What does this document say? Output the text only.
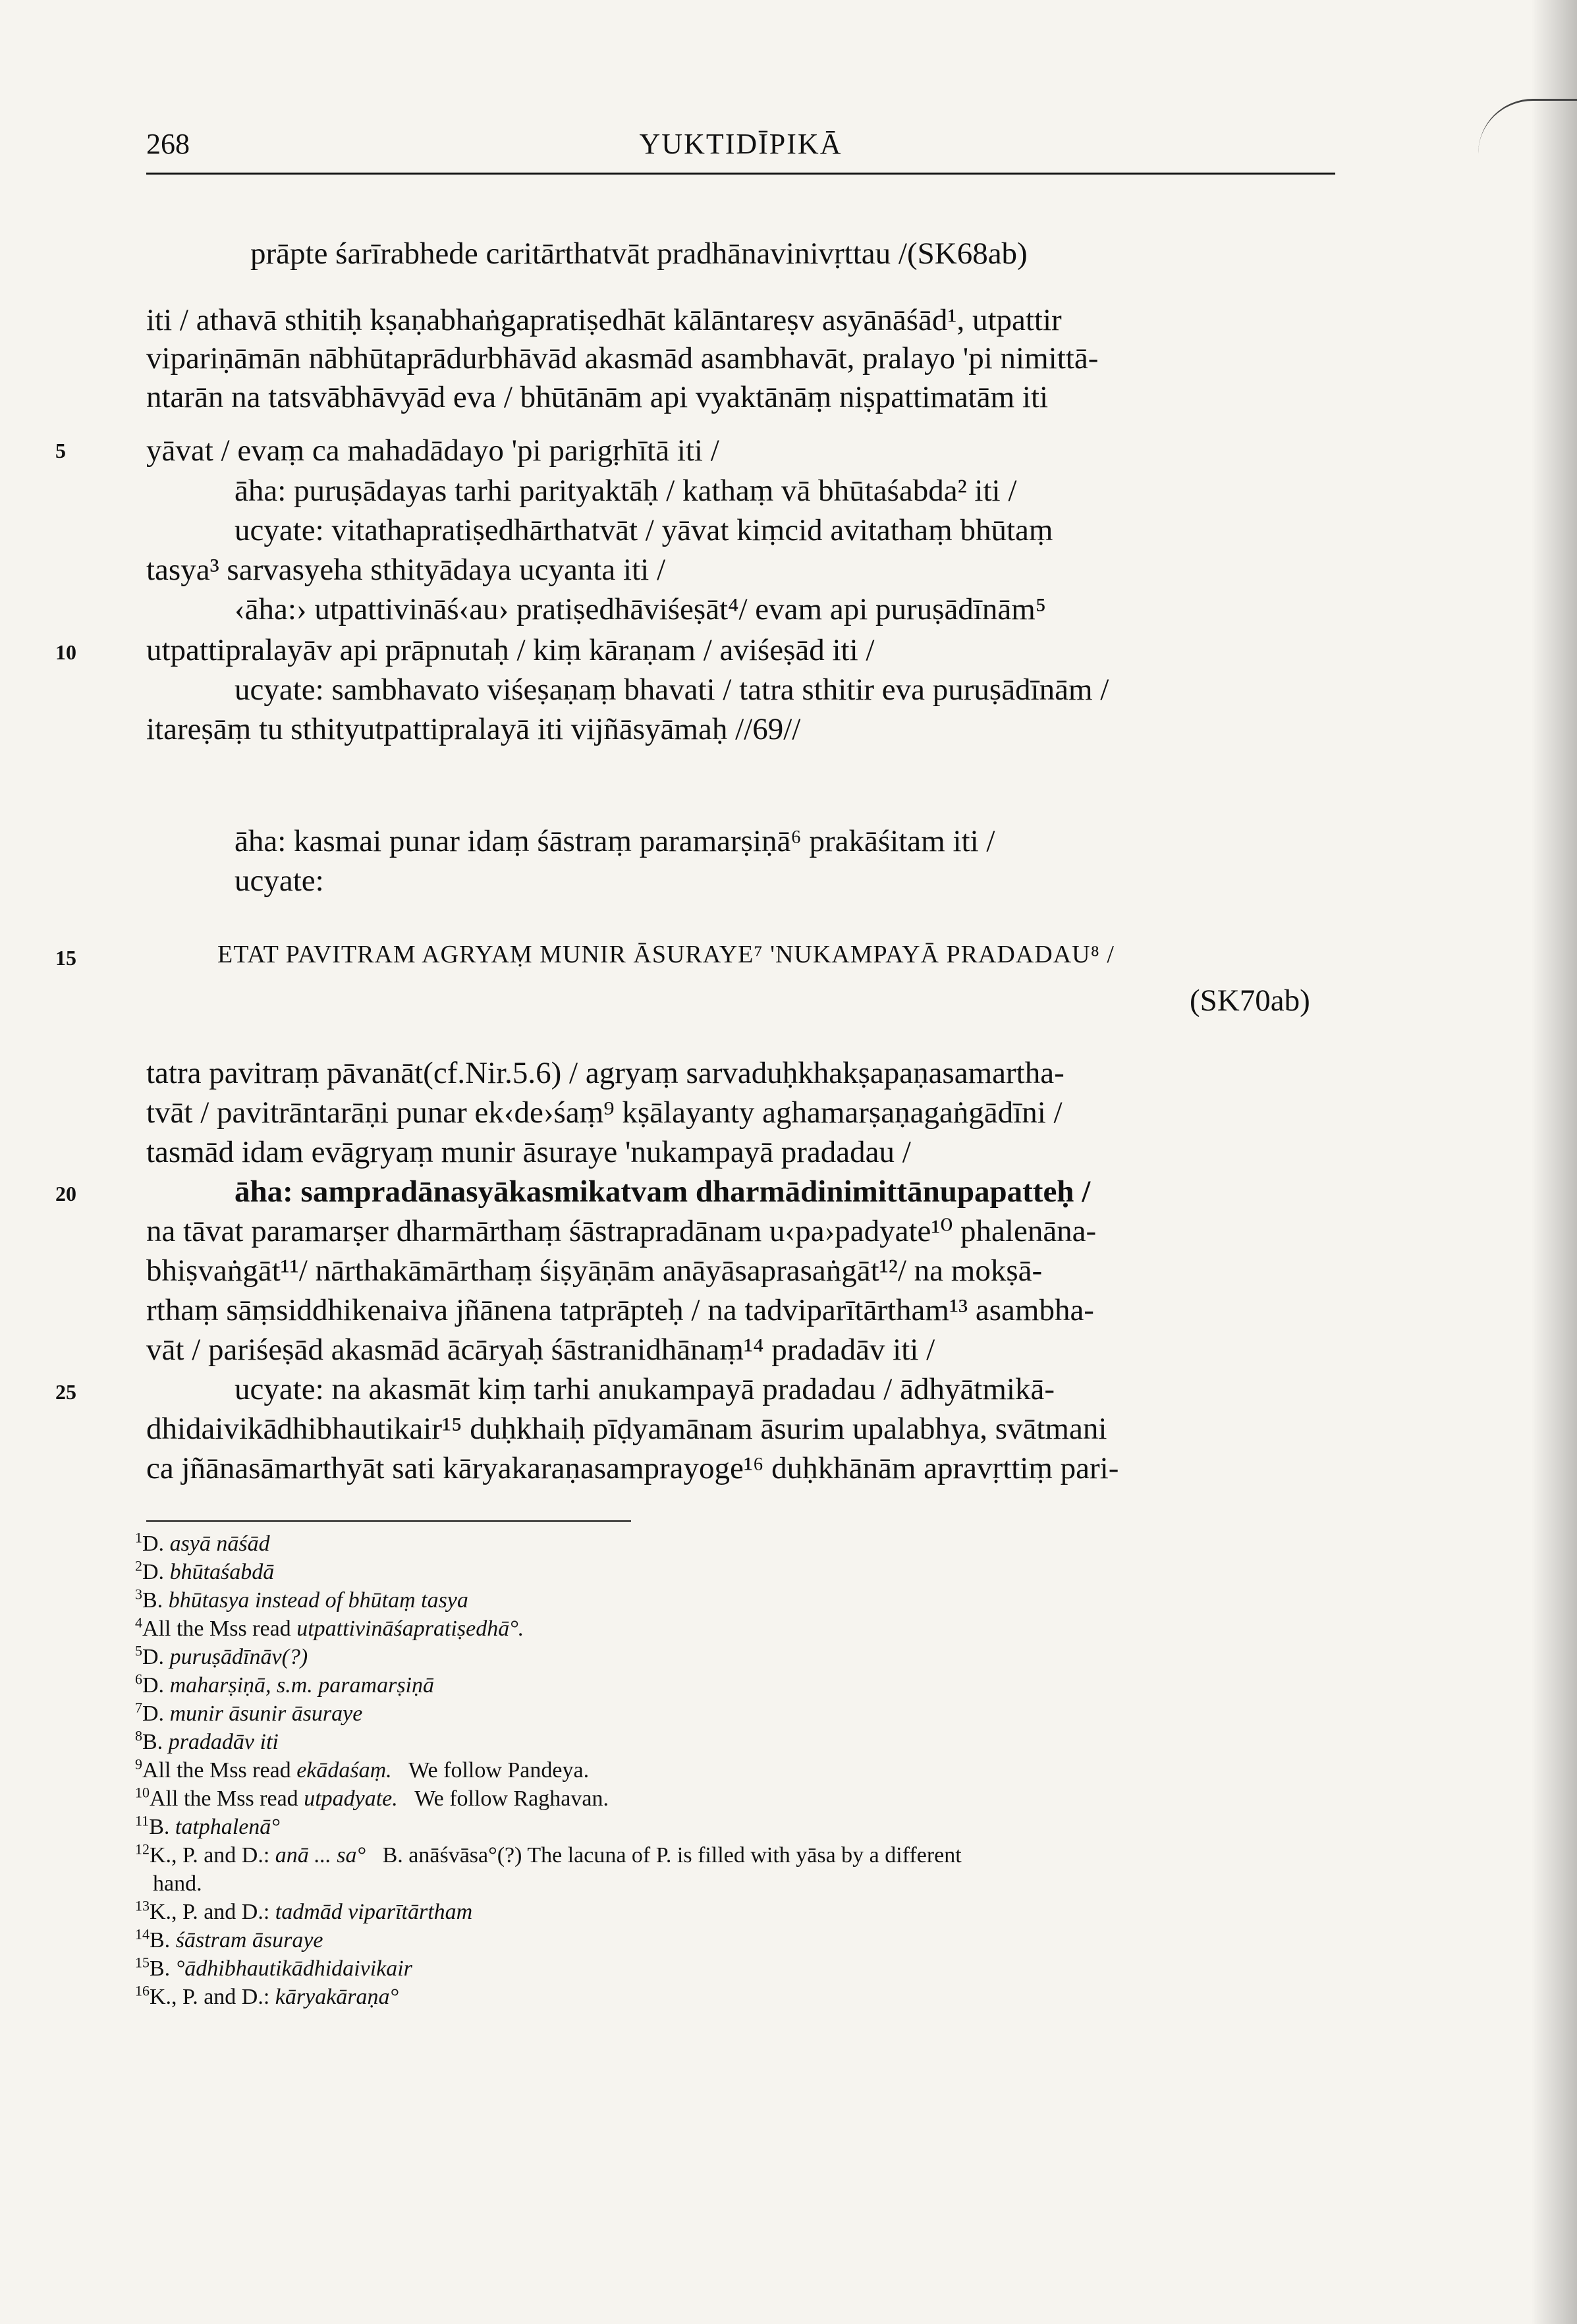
268	YUKTIDĪPIKĀ
prāpte śarīrabhede caritārthatvāt pradhānavinivṛttau /(SK68ab)
iti / athavā sthitiḥ kṣaṇabhaṅgapratiṣedhāt kālāntareṣv asyānāśād¹, utpattir
vipariṇāmān nābhūtaprādurbhāvād akasmād asambhavāt, pralayo 'pi nimittā-
ntarān na tatsvābhāvyād eva / bhūtānām api vyaktānāṃ niṣpattimatām iti
5	yāvat / evaṃ ca mahadādayo 'pi parigṛhītā iti /
āha: puruṣādayas tarhi parityaktāḥ / kathaṃ vā bhūtaśabda² iti /
ucyate: vitathapratiṣedhārthatvāt / yāvat kiṃcid avitathaṃ bhūtaṃ
tasya³ sarvasyeha sthityādaya ucyanta iti /
‹āha:› utpattivināś‹au› pratiṣedhāviśeṣāt⁴/ evam api puruṣādīnām⁵
10 utpattipralayāv api prāpnutaḥ / kiṃ kāraṇam / aviśeṣād iti /
ucyate: sambhavato viśeṣaṇaṃ bhavati / tatra sthitir eva puruṣādīnām /
itareṣāṃ tu sthityutpattipralayā iti vijñāsyāmaḥ //69//
āha: kasmai punar idaṃ śāstraṃ paramarṣiṇā⁶ prakāśitam iti /
ucyate:
15	ETAT PAVITRAM AGRYAṂ MUNIR ĀSURAYE⁷ 'NUKAMPAYĀ PRADADAU⁸ /
(SK70ab)
tatra pavitraṃ pāvanāt(cf.Nir.5.6) / agryaṃ sarvaduḥkhakṣapaṇasamartha-
tvāt / pavitrāntarāṇi punar ek‹de›śaṃ⁹ kṣālayanty aghamarṣaṇagaṅgādīni /
tasmād idam evāgryaṃ munir āsuraye 'nukampayā pradadau /
20	āha: sampradānasyākasmikatvam dharmādinimittānupapatteḥ /
na tāvat paramarṣer dharmārthaṃ śāstrapradānam u‹pa›padyate¹⁰ phalenāna-
bhiṣvaṅgāt¹¹/ nārthakāmārthaṃ śiṣyāṇām anāyāsaprasaṅgāt¹²/ na mokṣā-
rthaṃ sāṃsiddhikenaiva jñānena tatprāpteḥ / na tadviparītārtham¹³ asambha-
vāt / pariśeṣād akasmād ācāryaḥ śāstranidhānaṃ¹⁴ pradadāv iti /
25	ucyate: na akasmāt kiṃ tarhi anukampayā pradadau / ādhyātmikā-
dhidaivikādhibhautikair¹⁵ duḥkhaiḥ pīḍyamānam āsurim upalabhya, svātmani
ca jñānasāmarthyāt sati kāryakaraṇasamprayoge¹⁶ duḥkhānām apravṛttiṃ pari-
$^1$D. asyā nāśād
$^2$D. bhūtaśabdā
$^3$B. bhūtasya instead of bhūtaṃ tasya
$^4$All the Mss read utpattivināśapratiṣedhā°.
$^5$D. puruṣādīnāv(?)
$^6$D. maharṣiṇā, s.m. paramarṣiṇā
$^7$D. munir āsunir āsuraye
$^8$B. pradadāv iti
$^9$All the Mss read ekādaśaṃ. We follow Pandeya.
$^{10}$All the Mss read utpadyate. We follow Raghavan.
$^{11}$B. tatphalenā°
$^{12}$K., P. and D.: anā ... sa° B. anāśvāsa°(?) The lacuna of P. is filled with yāsa by a different
hand.
$^{13}$K., P. and D.: tadmād viparītārtham
$^{14}$B. śāstram āsuraye
$^{15}$B. °ādhibhautikādhidaivikair
$^{16}$K., P. and D.: kāryakāraṇa°
